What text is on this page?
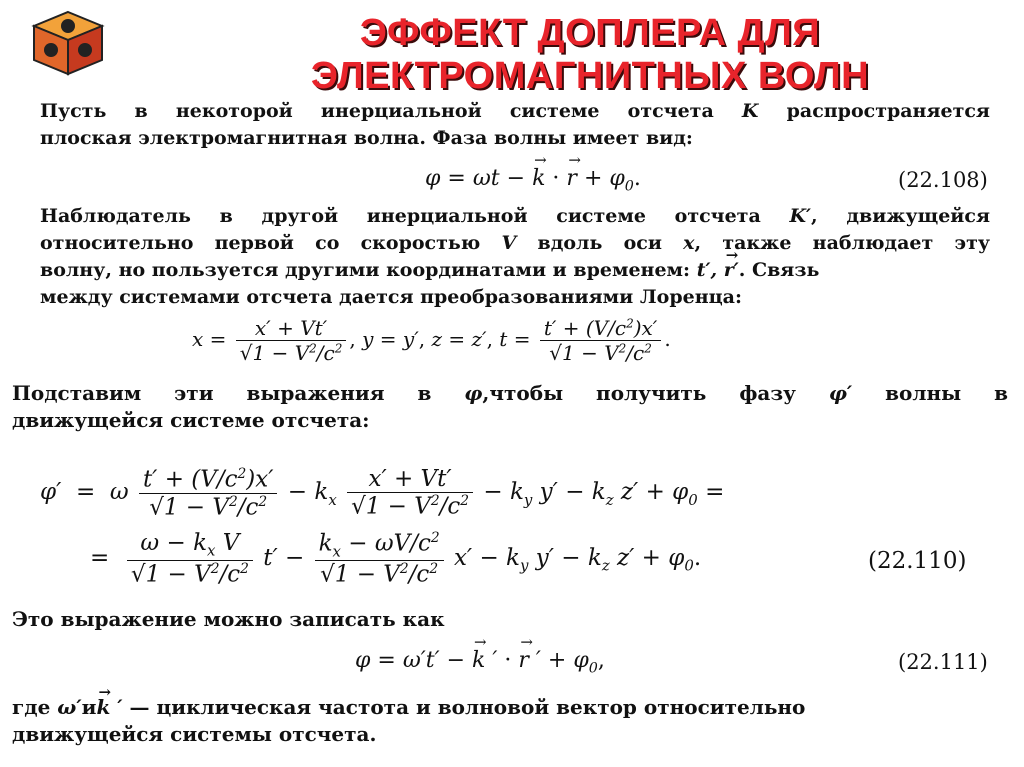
ЭФФЕКТ ДОПЛЕРА ДЛЯ
ЭЛЕКТРОМАГНИТНЫХ ВОЛН
Пусть в некоторой инерциальной системе отсчета K распространяется
плоская электромагнитная волна. Фаза волны имеет вид:
φ = ωt − → k · → $r + \varphi_0$.	(22.108)
Наблюдатель в другой инерциальной системе отсчета K′, движущейся
относительно первой со скоростью V вдоль оси x, также наблюдает эту
волну, но пользуется другими координатами и временем: t′, → r′. Связь
между системами отсчета дается преобразованиями Лоренца:
$x = \frac{x' + Vt'}{√1 - V^2/c^2}$ , y = y′, z = z′, $t = \frac{t' + (V/c^2)x'}{√1 - V^2/c^2}$ .
Подставим эти выражения в φ,чтобы получить фазу φ′ волны в
движущейся системе отсчета:
φ′  =  ω $\frac{t' + (V/c^2)x'}{√1 - V^2/c^2} - k_x \frac{x' + Vt'}{√1 - V^2/c^2} - k_y$ $y' - k_z$ $z' + \varphi_0$ =
= $\frac{\omega - k_x V}{√1 - V^2/c^2} t' - \frac{k_x - \omega V/c^2}{√1 - V^2/c^2} x' - k_y$ $y' - k_z$ $z' + \varphi_0$.	(22.110)
Это выражение можно записать как
φ = ω′t′ − → k ′ · → r ′ + $\varphi_0$,	(22.111)
где ω′и→ k ′ — циклическая частота и волновой вектор относительно
движущейся системы отсчета.
